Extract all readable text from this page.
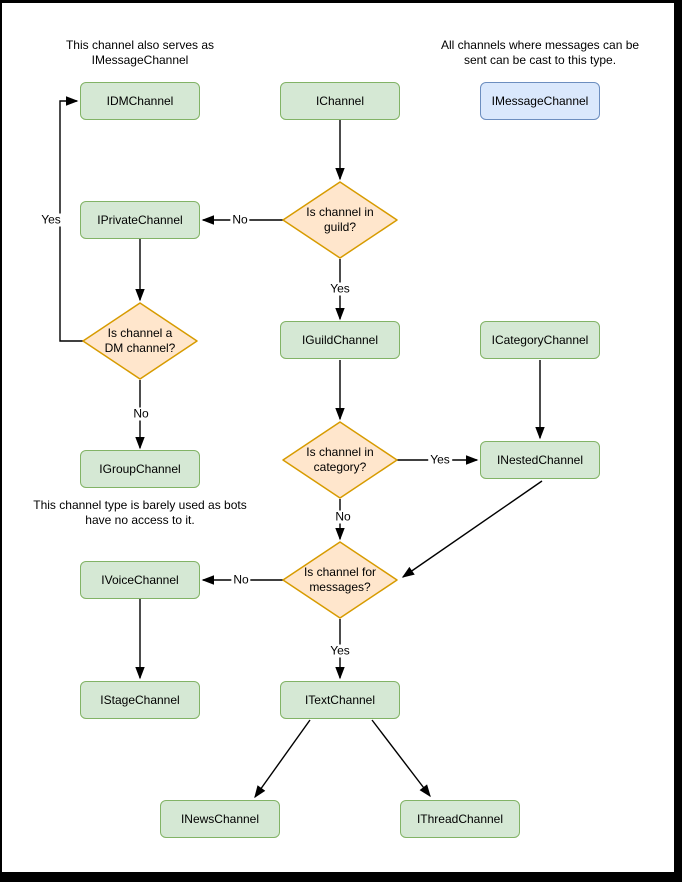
This channel also serves as IMessageChannel
All channels where messages can be sent can be cast to this type.
This channel type is barely used as bots have no access to it.
IDMChannel	IChannel	IMessageChannel
IPrivateChannel
IGuildChannel	ICategoryChannel
INestedChannel
IGroupChannel
IVoiceChannel
IStageChannel	ITextChannel
INewsChannel	IThreadChannel
Is channel in guild?
Is channel a DM channel?
Is channel in category?
Is channel for messages?
No
Yes
Yes
No
Yes
No
No
Yes
